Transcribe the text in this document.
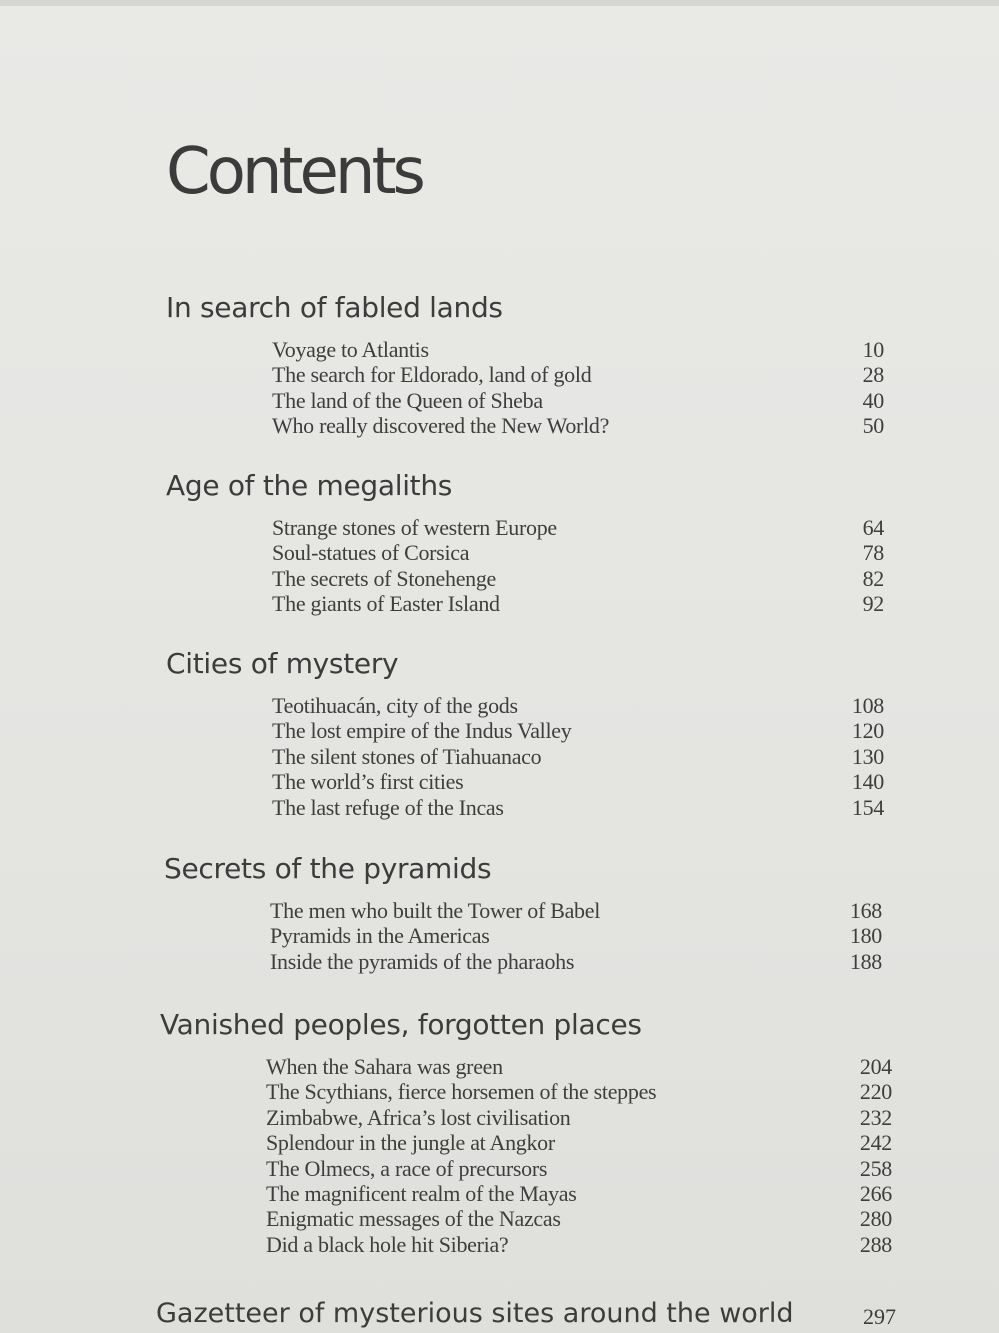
Contents
In search of fabled lands
Voyage to Atlantis	10
The search for Eldorado, land of gold	28
The land of the Queen of Sheba	40
Who really discovered the New World?	50
Age of the megaliths
Strange stones of western Europe	64
Soul-statues of Corsica	78
The secrets of Stonehenge	82
The giants of Easter Island	92
Cities of mystery
Teotihuacán, city of the gods	108
The lost empire of the Indus Valley	120
The silent stones of Tiahuanaco	130
The world’s first cities	140
The last refuge of the Incas	154
Secrets of the pyramids
The men who built the Tower of Babel	168
Pyramids in the Americas	180
Inside the pyramids of the pharaohs	188
Vanished peoples, forgotten places
When the Sahara was green	204
The Scythians, fierce horsemen of the steppes	220
Zimbabwe, Africa’s lost civilisation	232
Splendour in the jungle at Angkor	242
The Olmecs, a race of precursors	258
The magnificent realm of the Mayas	266
Enigmatic messages of the Nazcas	280
Did a black hole hit Siberia?	288
Gazetteer of mysterious sites around the world	297
